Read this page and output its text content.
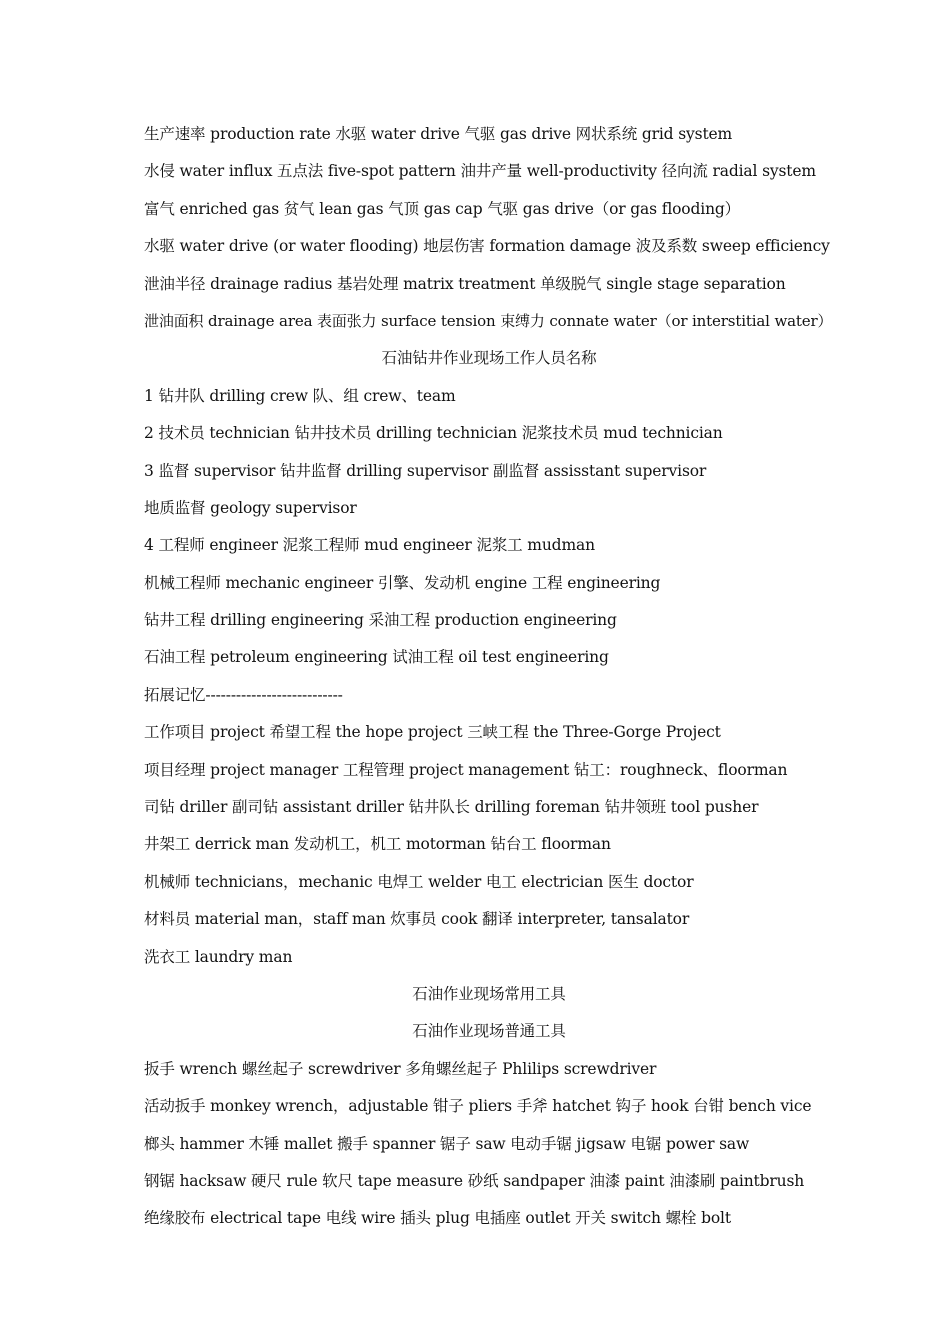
生产速率 production rate 水驱 water drive 气驱 gas drive 网状系统 grid system
水侵 water influx 五点法 five-spot pattern 油井产量 well-productivity 径向流 radial system
富气 enriched gas 贫气 lean gas 气顶 gas cap 气驱 gas drive（or gas flooding）
水驱 water drive (or water flooding) 地层伤害 formation damage 波及系数 sweep efficiency
泄油半径 drainage radius 基岩处理 matrix treatment 单级脱气 single stage separation
泄油面积 drainage area 表面张力 surface tension 束缚力 connate water（or interstitial water）
石油钻井作业现场工作人员名称
1 钻井队 drilling crew 队、组 crew、team
2 技术员 technician 钻井技术员 drilling technician 泥浆技术员 mud technician
3 监督 supervisor 钻井监督 drilling supervisor 副监督 assisstant supervisor
地质监督 geology supervisor
4 工程师 engineer 泥浆工程师 mud engineer 泥浆工 mudman
机械工程师 mechanic engineer 引擎、发动机 engine 工程 engineering
钻井工程 drilling engineering 采油工程 production engineering
石油工程 petroleum engineering 试油工程 oil test engineering
拓展记忆---------------------------
工作项目 project 希望工程 the hope project 三峡工程 the Three-Gorge Project
项目经理 project manager 工程管理 project management 钻工：roughneck、floorman
司钻 driller 副司钻 assistant driller 钻井队长 drilling foreman 钻井领班 tool pusher
井架工 derrick man 发动机工，机工 motorman 钻台工 floorman
机械师 technicians，mechanic 电焊工 welder 电工 electrician 医生 doctor
材料员 material man，staff man 炊事员 cook 翻译 interpreter, tansalator
洗衣工 laundry man
石油作业现场常用工具
石油作业现场普通工具
扳手 wrench 螺丝起子 screwdriver 多角螺丝起子 Phlilips screwdriver
活动扳手 monkey wrench，adjustable 钳子 pliers 手斧 hatchet 钩子 hook 台钳 bench vice
榔头 hammer 木锤 mallet 搬手 spanner 锯子 saw 电动手锯 jigsaw 电锯 power saw
钢锯 hacksaw 硬尺 rule 软尺 tape measure 砂纸 sandpaper 油漆 paint 油漆刷 paintbrush
绝缘胶布 electrical tape 电线 wire 插头 plug 电插座 outlet 开关 switch 螺栓 bolt
